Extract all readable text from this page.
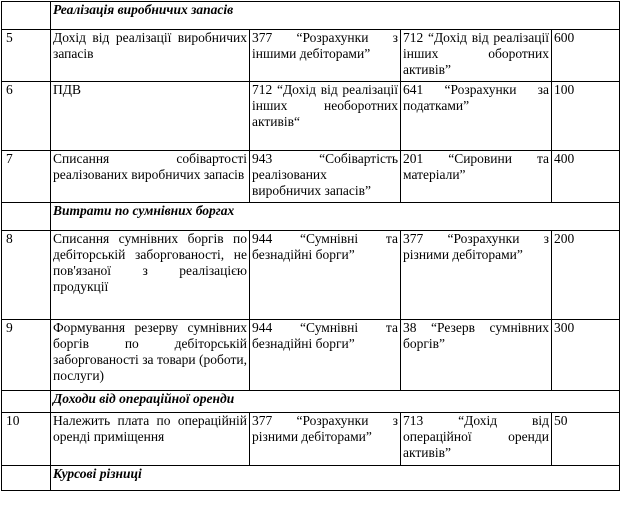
	Реалізація виробничих запасів			
5	Дохід від реалізації виробничих запасів	377 “Розрахунки з іншими дебіторами”	712 “Дохід від реалізації інших оборотних активів”	600
6	ПДВ	712 “Дохід від реалізації інших необоротних активів“	641 “Розрахунки за податками”	100
7	Списання собівартості реалізованих виробничих запасів	943 “Собівартість реалізованих виробничих запасів”	201 “Сировини та матеріали”	400
	Витрати по сумнівних боргах			
8	Списання сумнівних боргів по дебіторській заборгованості, не пов'язаної з реалізацією продукції	944 “Сумнівні та безнадійні борги”	377 “Розрахунки з різними дебіторами”	200
9	Формування резерву сумнівних боргів по дебіторській заборгованості за товари (роботи, послуги)	944 “Сумнівні та безнадійні борги”	38 “Резерв сумнівних боргів”	300
	Доходи від операційної оренди			
10	Належить плата по операційній оренді приміщення	377 “Розрахунки з різними дебіторами”	713 “Дохід від операційної оренди активів”	50
	Курсові різниці			
